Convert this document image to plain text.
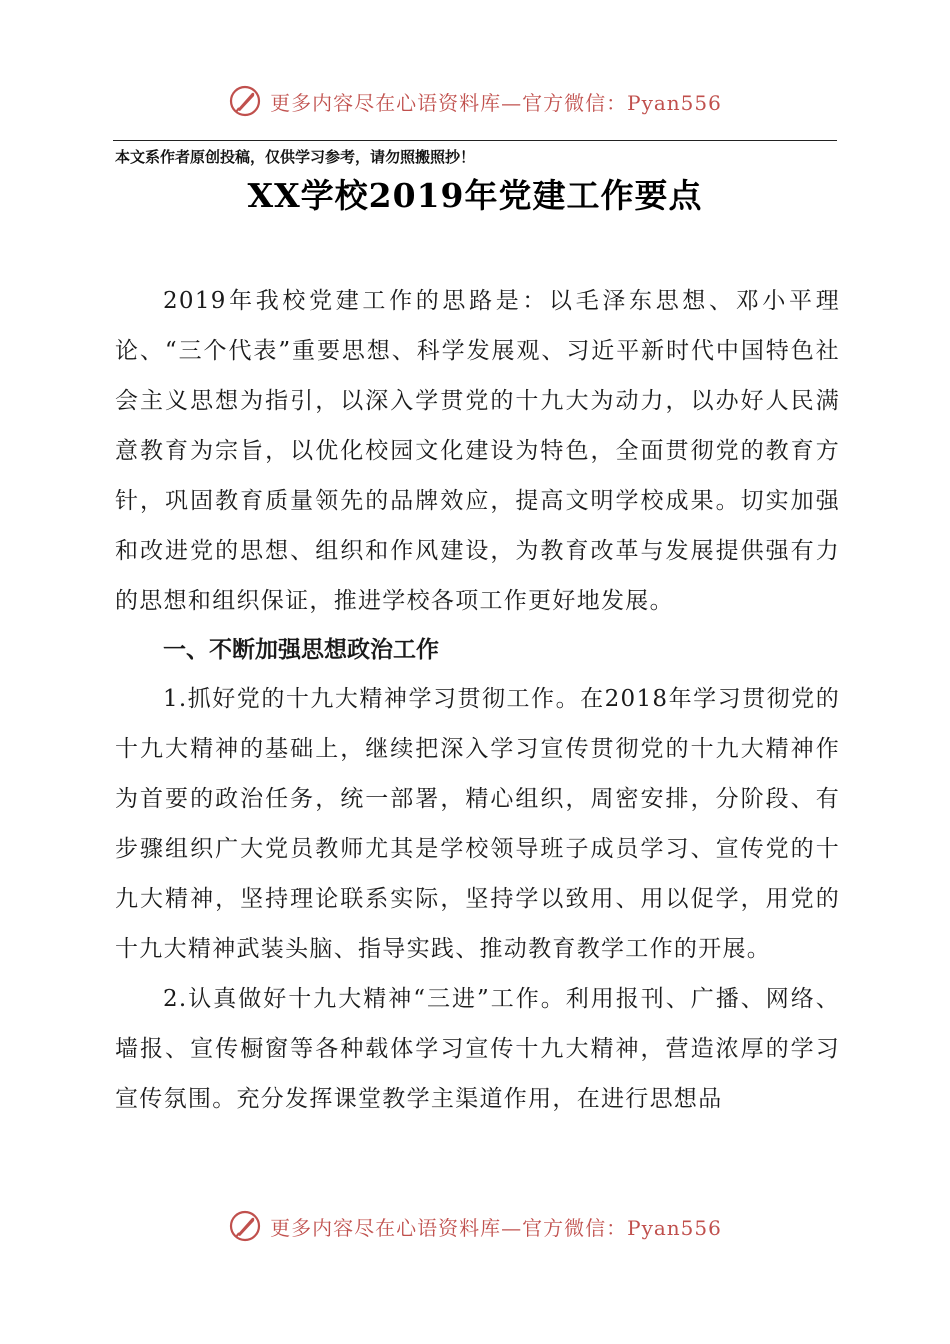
更多内容尽在心语资料库—官方微信：Pyan556
本文系作者原创投稿，仅供学习参考，请勿照搬照抄！
XX学校2019年党建工作要点

2019年我校党建工作的思路是：以毛泽东思想、邓小平理论、“三个代表”重要思想、科学发展观、习近平新时代中国特色社会主义思想为指引，以深入学贯党的十九大为动力，以办好人民满意教育为宗旨，以优化校园文化建设为特色，全面贯彻党的教育方针，巩固教育质量领先的品牌效应，提高文明学校成果。切实加强和改进党的思想、组织和作风建设，为教育改革与发展提供强有力的思想和组织保证，推进学校各项工作更好地发展。

一、不断加强思想政治工作

1.抓好党的十九大精神学习贯彻工作。在2018年学习贯彻党的十九大精神的基础上，继续把深入学习宣传贯彻党的十九大精神作为首要的政治任务，统一部署，精心组织，周密安排，分阶段、有步骤组织广大党员教师尤其是学校领导班子成员学习、宣传党的十九大精神，坚持理论联系实际，坚持学以致用、用以促学，用党的十九大精神武装头脑、指导实践、推动教育教学工作的开展。

2.认真做好十九大精神“三进”工作。利用报刊、广播、网络、墙报、宣传橱窗等各种载体学习宣传十九大精神，营造浓厚的学习宣传氛围。充分发挥课堂教学主渠道作用，在进行思想品

更多内容尽在心语资料库—官方微信：Pyan556
